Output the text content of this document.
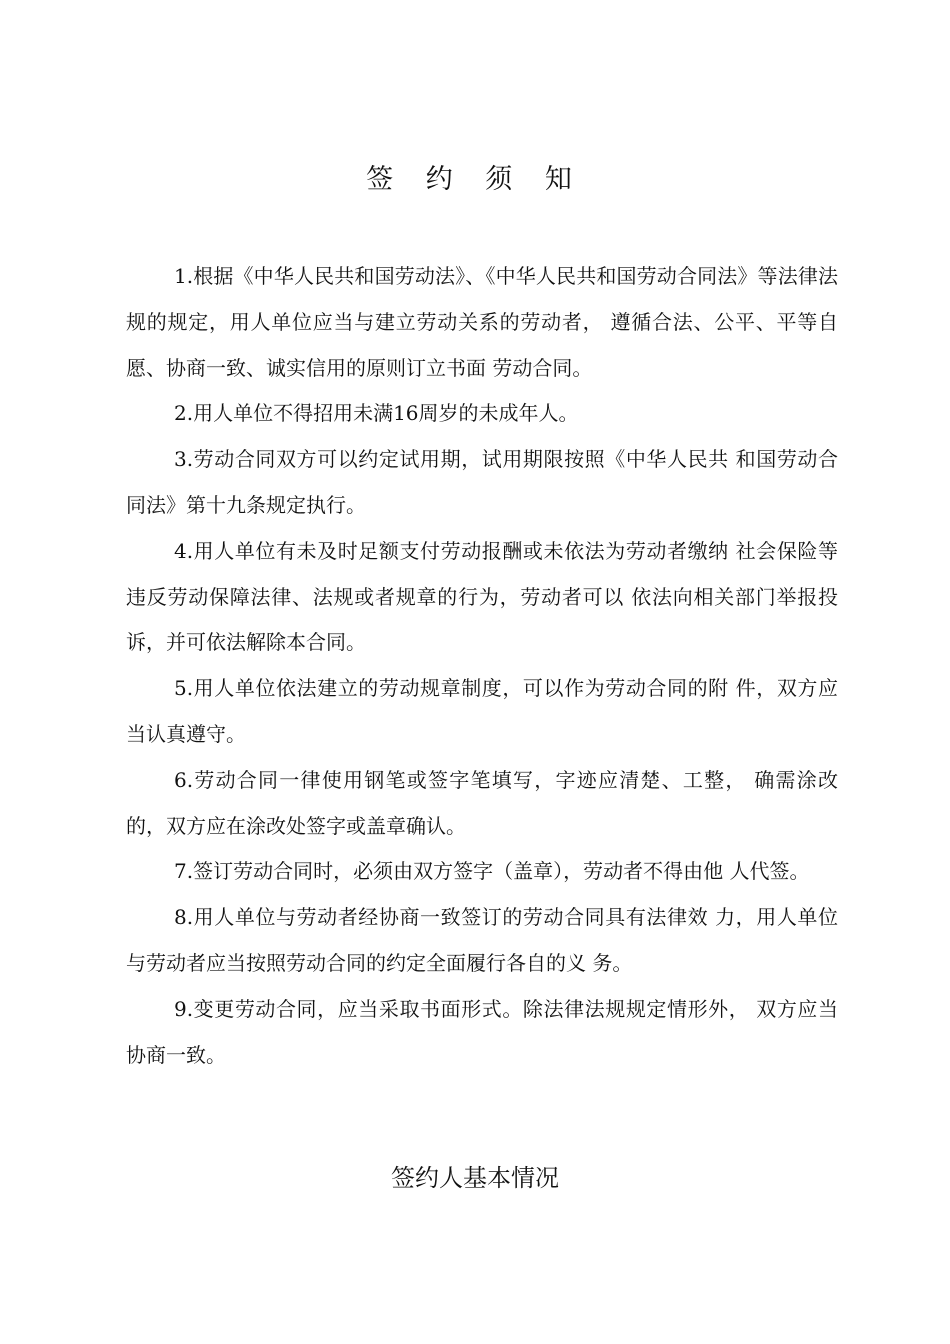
签 约 须 知

1.根据《中华人民共和国劳动法》、《中华人民共和国劳动合同法》等法律法规的规定，用人单位应当与建立劳动关系的劳动者， 遵循合法、公平、平等自愿、协商一致、诚实信用的原则订立书面 劳动合同。

2.用人单位不得招用未满16周岁的未成年人。

3.劳动合同双方可以约定试用期，试用期限按照《中华人民共 和国劳动合同法》第十九条规定执行。

4.用人单位有未及时足额支付劳动报酬或未依法为劳动者缴纳 社会保险等违反劳动保障法律、法规或者规章的行为，劳动者可以 依法向相关部门举报投诉，并可依法解除本合同。

5.用人单位依法建立的劳动规章制度，可以作为劳动合同的附 件，双方应当认真遵守。

6.劳动合同一律使用钢笔或签字笔填写，字迹应清楚、工整， 确需涂改的，双方应在涂改处签字或盖章确认。

7.签订劳动合同时，必须由双方签字（盖章），劳动者不得由他 人代签。

8.用人单位与劳动者经协商一致签订的劳动合同具有法律效 力，用人单位与劳动者应当按照劳动合同的约定全面履行各自的义 务。

9.变更劳动合同，应当采取书面形式。除法律法规规定情形外， 双方应当协商一致。

签约人基本情况
